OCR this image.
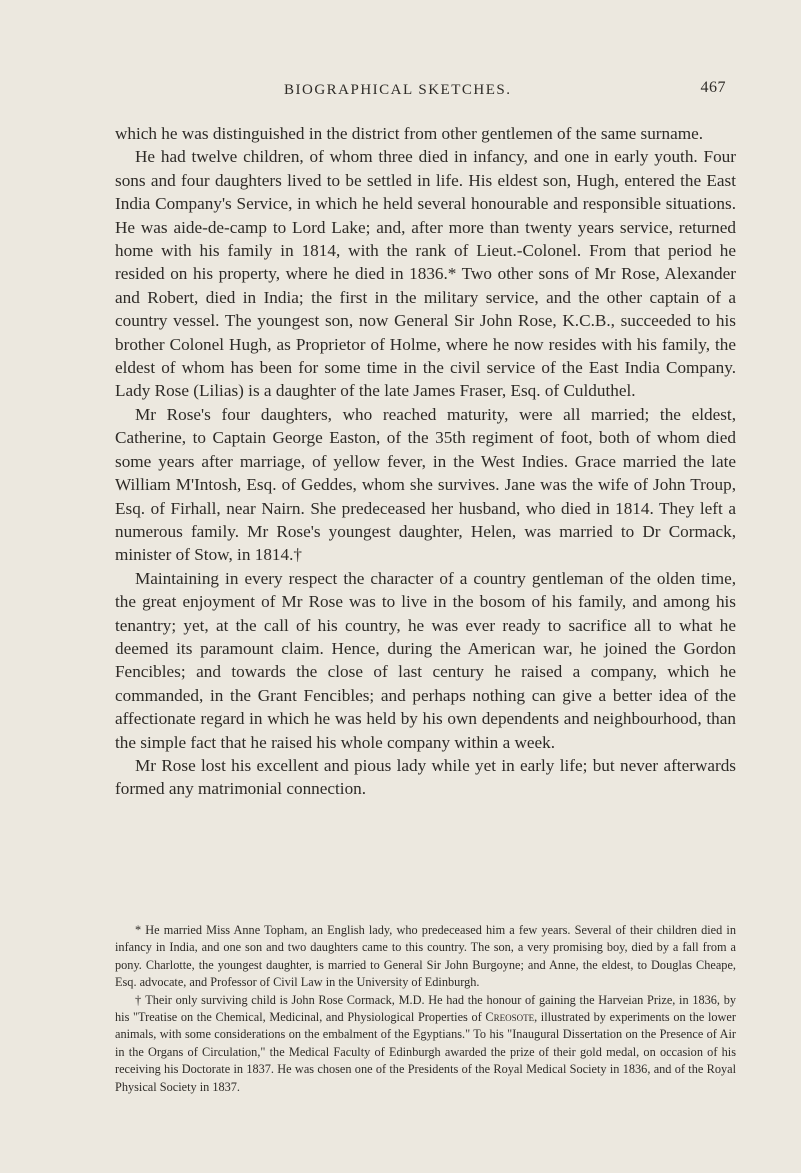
BIOGRAPHICAL SKETCHES.	467

which he was distinguished in the district from other gentlemen of the same surname.

He had twelve children, of whom three died in infancy, and one in early youth. Four sons and four daughters lived to be settled in life. His eldest son, Hugh, entered the East India Company's Service, in which he held several honourable and responsible situations. He was aide-de-camp to Lord Lake; and, after more than twenty years service, returned home with his family in 1814, with the rank of Lieut.-Colonel. From that period he resided on his property, where he died in 1836.* Two other sons of Mr Rose, Alexander and Robert, died in India; the first in the military service, and the other captain of a country vessel. The youngest son, now General Sir John Rose, K.C.B., succeeded to his brother Colonel Hugh, as Proprietor of Holme, where he now resides with his family, the eldest of whom has been for some time in the civil service of the East India Company. Lady Rose (Lilias) is a daughter of the late James Fraser, Esq. of Culduthel.

Mr Rose's four daughters, who reached maturity, were all married; the eldest, Catherine, to Captain George Easton, of the 35th regiment of foot, both of whom died some years after marriage, of yellow fever, in the West Indies. Grace married the late William M'Intosh, Esq. of Geddes, whom she survives. Jane was the wife of John Troup, Esq. of Firhall, near Nairn. She predeceased her husband, who died in 1814. They left a numerous family. Mr Rose's youngest daughter, Helen, was married to Dr Cormack, minister of Stow, in 1814.†

Maintaining in every respect the character of a country gentleman of the olden time, the great enjoyment of Mr Rose was to live in the bosom of his family, and among his tenantry; yet, at the call of his country, he was ever ready to sacrifice all to what he deemed its paramount claim. Hence, during the American war, he joined the Gordon Fencibles; and towards the close of last century he raised a company, which he commanded, in the Grant Fencibles; and perhaps nothing can give a better idea of the affectionate regard in which he was held by his own dependents and neighbourhood, than the simple fact that he raised his whole company within a week.

Mr Rose lost his excellent and pious lady while yet in early life; but never afterwards formed any matrimonial connection.

* He married Miss Anne Topham, an English lady, who predeceased him a few years. Several of their children died in infancy in India, and one son and two daughters came to this country. The son, a very promising boy, died by a fall from a pony. Charlotte, the youngest daughter, is married to General Sir John Burgoyne; and Anne, the eldest, to Douglas Cheape, Esq. advocate, and Professor of Civil Law in the University of Edinburgh.

† Their only surviving child is John Rose Cormack, M.D. He had the honour of gaining the Harveian Prize, in 1836, by his "Treatise on the Chemical, Medicinal, and Physiological Properties of Creosote, illustrated by experiments on the lower animals, with some considerations on the embalment of the Egyptians." To his "Inaugural Dissertation on the Presence of Air in the Organs of Circulation," the Medical Faculty of Edinburgh awarded the prize of their gold medal, on occasion of his receiving his Doctorate in 1837. He was chosen one of the Presidents of the Royal Medical Society in 1836, and of the Royal Physical Society in 1837.
